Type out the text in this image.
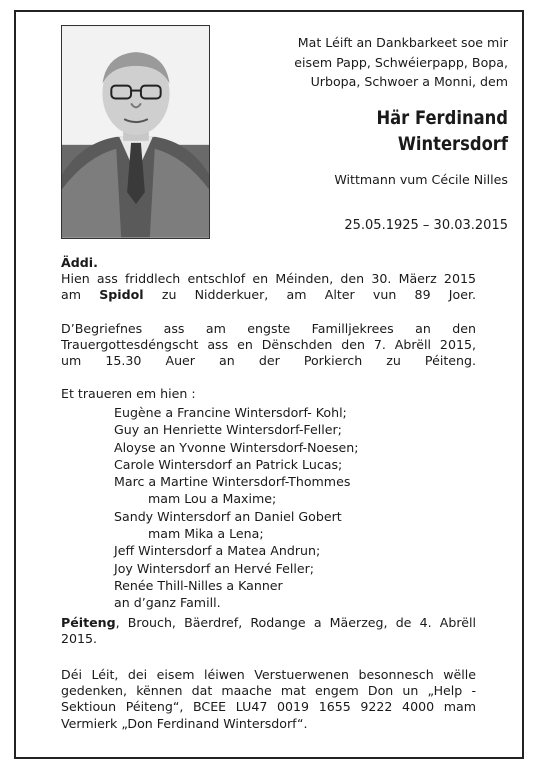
Mat Léift an Dankbarkeet soe mir
eisem Papp, Schwéierpapp, Bopa,
Urbopa, Schwoer a Monni, dem
Här Ferdinand
Wintersdorf
Wittmann vum Cécile Nilles
25.05.1925 – 30.03.2015
Äddi.
Hien ass friddlech entschlof en Méinden, den 30. Mäerz 2015
am Spidol zu Nidderkuer, am Alter vun 89 Joer.
D’Begriefnes ass am engste Familljekrees an den
Trauergottesdéngscht ass en Dënschden den 7. Abrëll 2015,
um 15.30 Auer an der Porkierch zu Péiteng.
Et traueren em hien :
Eugène a Francine Wintersdorf- Kohl;
Guy an Henriette Wintersdorf-Feller;
Aloyse an Yvonne Wintersdorf-Noesen;
Carole Wintersdorf an Patrick Lucas;
Marc a Martine Wintersdorf-Thommes
mam Lou a Maxime;
Sandy Wintersdorf an Daniel Gobert
mam Mika a Lena;
Jeff Wintersdorf a Matea Andrun;
Joy Wintersdorf an Hervé Feller;
Renée Thill-Nilles a Kanner
an d’ganz Famill.
Péiteng, Brouch, Bäerdref, Rodange a Mäerzeg, de 4. Abrëll
2015.
Déi Léit, dei eisem léiwen Verstuerwenen besonnesch wëlle
gedenken, kënnen dat maache mat engem Don un „Help -
Sektioun Péiteng“, BCEE LU47 0019 1655 9222 4000 mam
Vermierk „Don Ferdinand Wintersdorf“.
